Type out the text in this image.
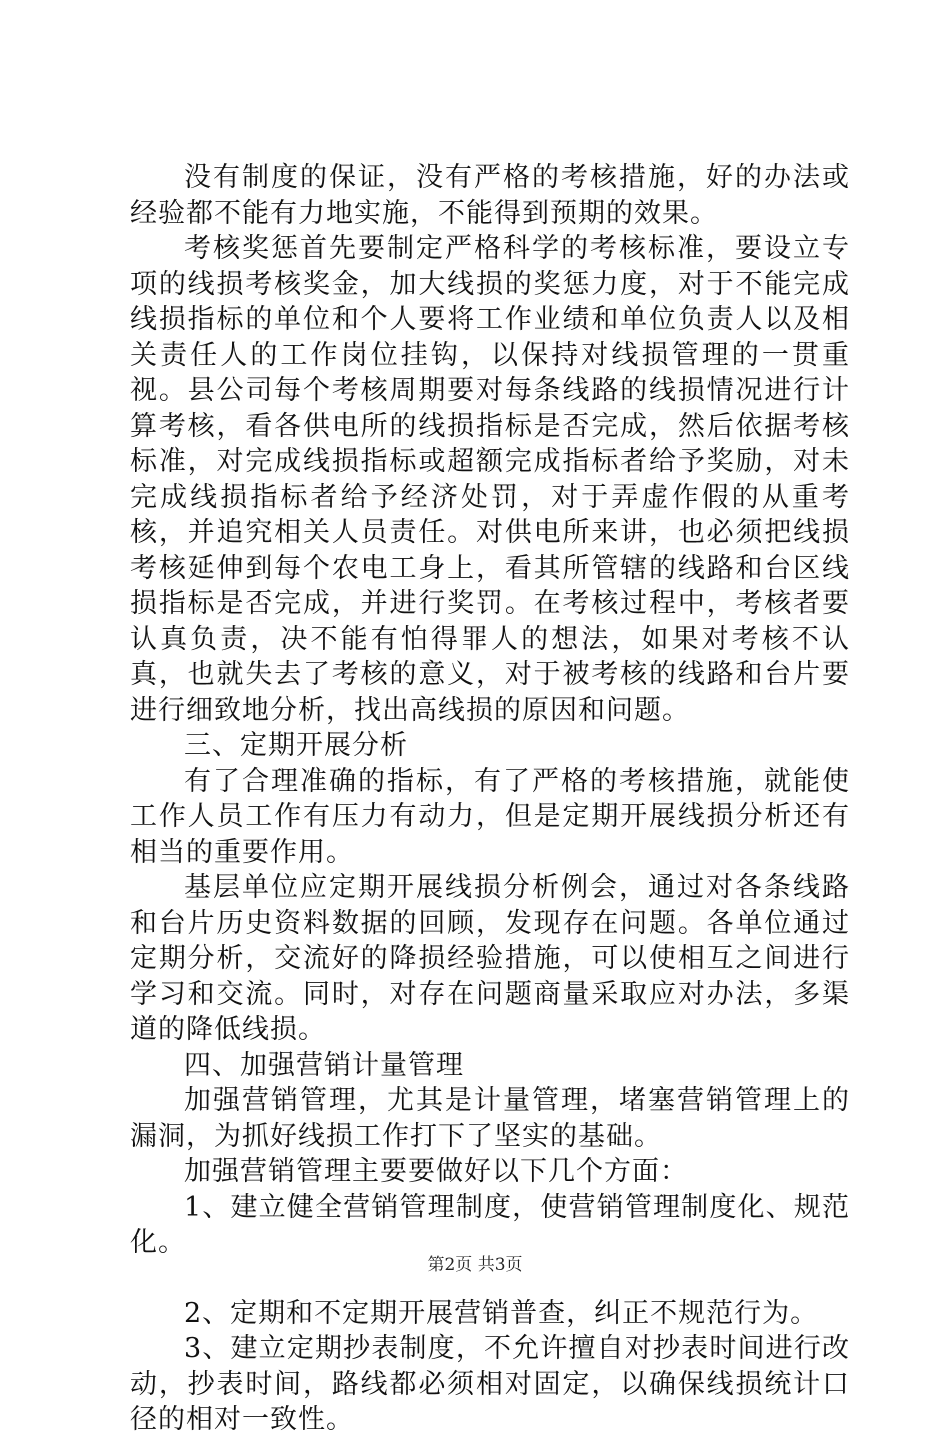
没有制度的保证，没有严格的考核措施，好的办法或经验都不能有力地实施，不能得到预期的效果。

考核奖惩首先要制定严格科学的考核标准，要设立专项的线损考核奖金，加大线损的奖惩力度，对于不能完成线损指标的单位和个人要将工作业绩和单位负责人以及相关责任人的工作岗位挂钩，以保持对线损管理的一贯重视。县公司每个考核周期要对每条线路的线损情况进行计算考核，看各供电所的线损指标是否完成，然后依据考核标准，对完成线损指标或超额完成指标者给予奖励，对未完成线损指标者给予经济处罚，对于弄虚作假的从重考核，并追究相关人员责任。对供电所来讲，也必须把线损考核延伸到每个农电工身上，看其所管辖的线路和台区线损指标是否完成，并进行奖罚。在考核过程中，考核者要认真负责，决不能有怕得罪人的想法，如果对考核不认真，也就失去了考核的意义，对于被考核的线路和台片要进行细致地分析，找出高线损的原因和问题。

三、定期开展分析

有了合理准确的指标，有了严格的考核措施，就能使工作人员工作有压力有动力，但是定期开展线损分析还有相当的重要作用。

基层单位应定期开展线损分析例会，通过对各条线路和台片历史资料数据的回顾，发现存在问题。各单位通过定期分析，交流好的降损经验措施，可以使相互之间进行学习和交流。同时，对存在问题商量采取应对办法，多渠道的降低线损。

四、加强营销计量管理

加强营销管理，尤其是计量管理，堵塞营销管理上的漏洞，为抓好线损工作打下了坚实的基础。

加强营销管理主要要做好以下几个方面：

1、建立健全营销管理制度，使营销管理制度化、规范化。

2、定期和不定期开展营销普查，纠正不规范行为。

3、建立定期抄表制度，不允许擅自对抄表时间进行改动，抄表时间，路线都必须相对固定，以确保线损统计口径的相对一致性。

第2页 共3页
